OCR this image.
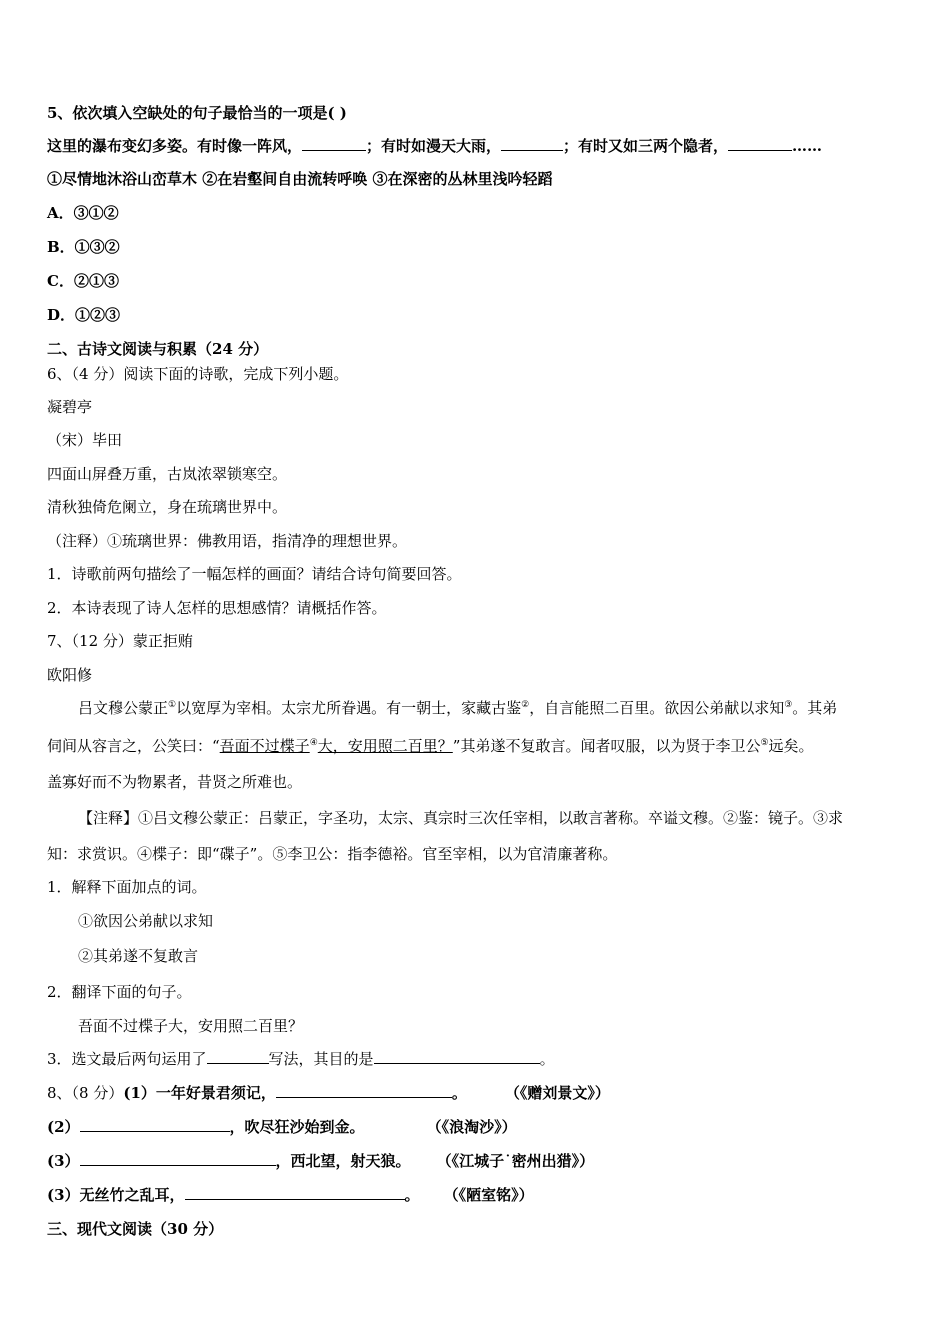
5、依次填入空缺处的句子最恰当的一项是( )
这里的瀑布变幻多姿。有时像一阵风，	；有时如漫天大雨，	；有时又如三两个隐者，	……
①尽情地沐浴山峦草木 ②在岩壑间自由流转呼唤 ③在深密的丛林里浅吟轻蹈
A．③①②
B．①③②
C．②①③
D．①②③
二、古诗文阅读与积累（24 分）
6、（4 分）阅读下面的诗歌，完成下列小题。
凝碧亭
（宋）毕田
四面山屏叠万重，古岚浓翠锁寒空。
清秋独倚危阑立，身在琉璃世界中。
（注释）①琉璃世界：佛教用语，指清净的理想世界。
1．诗歌前两句描绘了一幅怎样的画面？请结合诗句简要回答。
2．本诗表现了诗人怎样的思想感情？请概括作答。
7、（12 分）蒙正拒贿
欧阳修
吕文穆公蒙正①以宽厚为宰相。太宗尤所眷遇。有一朝士，家藏古鉴②，自言能照二百里。欲因公弟献以求知③。其弟
伺间从容言之，公笑曰：“吾面不过楪子④大，安用照二百里？”其弟遂不复敢言。闻者叹服，以为贤于李卫公⑤远矣。
盖寡好而不为物累者，昔贤之所难也。
【注释】①吕文穆公蒙正：吕蒙正，字圣功，太宗、真宗时三次任宰相，以敢言著称。卒谥文穆。②鉴：镜子。③求
知：求赏识。④楪子：即“碟子”。⑤李卫公：指李德裕。官至宰相，以为官清廉著称。
1．解释下面加点的词。
①欲因公弟献以求知
②其弟遂不复敢言
2．翻译下面的句子。
吾面不过楪子大，安用照二百里？
3．选文最后两句运用了	写法，其目的是	。
8、（8 分）(1）一年好景君须记，	。	（《赠刘景文》）
(2）	，吹尽狂沙始到金。	（《浪淘沙》）
(3）	，西北望，射天狼。 （《江城子˙密州出猎》）
(3）无丝竹之乱耳，	。 （《陋室铭》）
三、现代文阅读（30 分）
